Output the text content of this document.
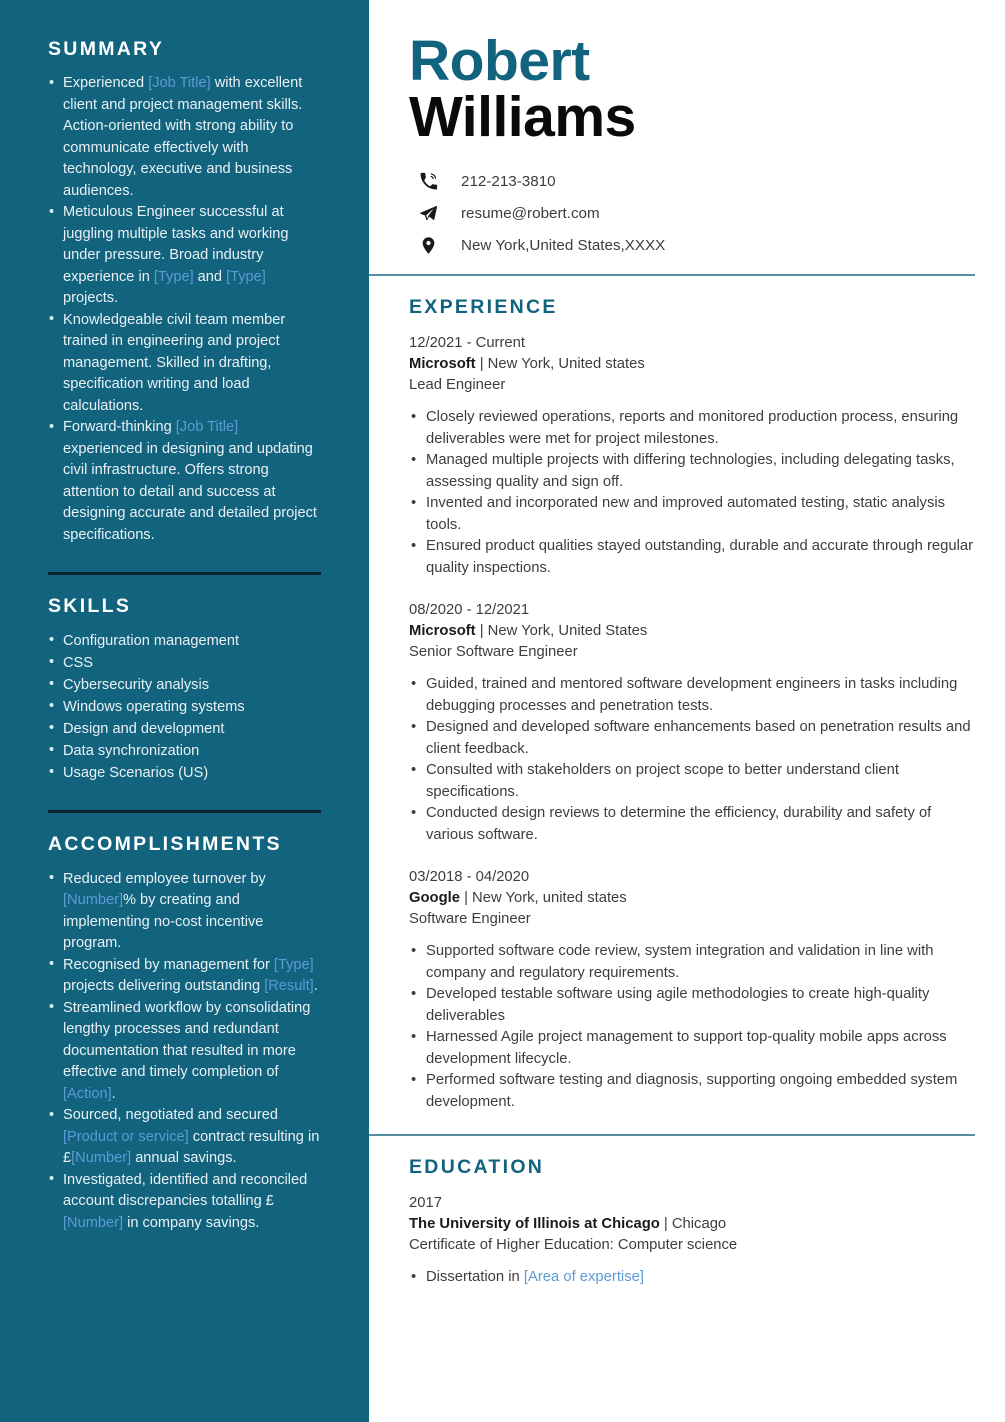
SUMMARY
• Experienced [Job Title] with excellent client and project management skills. Action-oriented with strong ability to communicate effectively with technology, executive and business audiences.
• Meticulous Engineer successful at juggling multiple tasks and working under pressure. Broad industry experience in [Type] and [Type] projects.
• Knowledgeable civil team member trained in engineering and project management. Skilled in drafting, specification writing and load calculations.
• Forward-thinking [Job Title] experienced in designing and updating civil infrastructure. Offers strong attention to detail and success at designing accurate and detailed project specifications.
SKILLS
• Configuration management
• CSS
• Cybersecurity analysis
• Windows operating systems
• Design and development
• Data synchronization
• Usage Scenarios (US)
ACCOMPLISHMENTS
• Reduced employee turnover by [Number]% by creating and implementing no-cost incentive program.
• Recognised by management for [Type] projects delivering outstanding [Result].
• Streamlined workflow by consolidating lengthy processes and redundant documentation that resulted in more effective and timely completion of [Action].
• Sourced, negotiated and secured [Product or service] contract resulting in £[Number] annual savings.
• Investigated, identified and reconciled account discrepancies totalling £[Number] in company savings.
Robert
Williams
212-213-3810
resume@robert.com
New York,United States,XXXX
EXPERIENCE
12/2021 - Current
Microsoft | New York, United states
Lead Engineer
• Closely reviewed operations, reports and monitored production process, ensuring deliverables were met for project milestones.
• Managed multiple projects with differing technologies, including delegating tasks, assessing quality and sign off.
• Invented and incorporated new and improved automated testing, static analysis tools.
• Ensured product qualities stayed outstanding, durable and accurate through regular quality inspections.
08/2020 - 12/2021
Microsoft | New York, United States
Senior Software Engineer
• Guided, trained and mentored software development engineers in tasks including debugging processes and penetration tests.
• Designed and developed software enhancements based on penetration results and client feedback.
• Consulted with stakeholders on project scope to better understand client specifications.
• Conducted design reviews to determine the efficiency, durability and safety of various software.
03/2018 - 04/2020
Google | New York, united states
Software Engineer
• Supported software code review, system integration and validation in line with company and regulatory requirements.
• Developed testable software using agile methodologies to create high-quality deliverables
• Harnessed Agile project management to support top-quality mobile apps across development lifecycle.
• Performed software testing and diagnosis, supporting ongoing embedded system development.
EDUCATION
2017
The University of Illinois at Chicago | Chicago
Certificate of Higher Education: Computer science
• Dissertation in [Area of expertise]
